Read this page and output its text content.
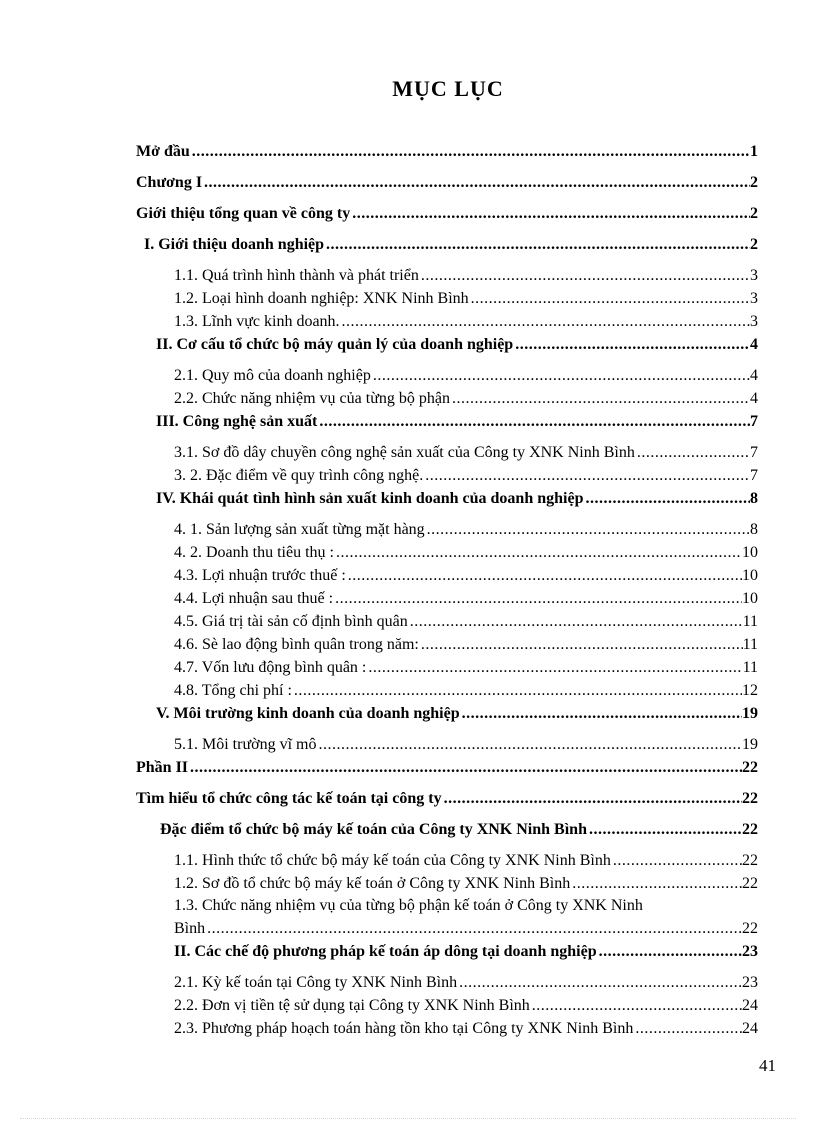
MỤC LỤC
Mở đầu .....	1
Chương I .....	2
Giới thiệu tổng quan về công ty .....	2
I. Giới thiệu doanh nghiệp .....	2
1.1. Quá trình hình thành và phát triển .....	3
1.2. Loại hình doanh nghiệp: XNK Ninh Bình .....	3
1.3. Lĩnh vực kinh doanh. .....	3
II. Cơ cấu tổ chức bộ máy quản lý của doanh nghiệp .....	4
2.1. Quy mô của doanh nghiệp .....	4
2.2. Chức năng nhiệm vụ của từng bộ phận .....	4
III. Công nghệ sản xuất .....	7
3.1. Sơ đồ dây chuyền công nghệ sản xuất của Công ty XNK Ninh Bình .....	7
3. 2. Đặc điểm về quy trình công nghệ. .....	7
IV. Khái quát tình hình sản xuất kinh doanh của doanh nghiệp .....	8
4. 1. Sản lượng sản xuất từng mặt hàng .....	8
4. 2. Doanh thu tiêu thụ : .....	10
4.3. Lợi nhuận trước thuế : .....	10
4.4. Lợi nhuận sau thuế : .....	10
4.5. Giá trị tài sản cố định bình quân .....	11
4.6. Sè lao động bình quân trong năm: .....	11
4.7. Vốn lưu động bình quân : .....	11
4.8. Tổng chi phí : .....	12
V. Môi trường kinh doanh của doanh nghiệp .....	19
5.1. Môi trường vĩ mô .....	19
Phần II .....	22
Tìm hiểu tổ chức công tác kế toán tại công ty .....	22
Đặc điểm tổ chức bộ máy kế toán của Công ty XNK Ninh Bình .....	22
1.1. Hình thức tổ chức bộ máy kế toán của Công ty XNK Ninh Bình .....	22
1.2. Sơ đồ tổ chức bộ máy kế toán ở Công ty XNK Ninh Bình .....	22
1.3. Chức năng nhiệm vụ của từng bộ phận kế toán ở Công ty XNK Ninh
Bình .....	22
II. Các chế độ phương pháp kế toán áp dông tại doanh nghiệp .....	23
2.1. Kỳ kế toán tại Công ty XNK Ninh Bình .....	23
2.2. Đơn vị tiền tệ sử dụng tại Công ty XNK Ninh Bình .....	24
2.3. Phương pháp hoạch toán hàng tồn kho tại Công ty XNK Ninh Bình .....	24
41
